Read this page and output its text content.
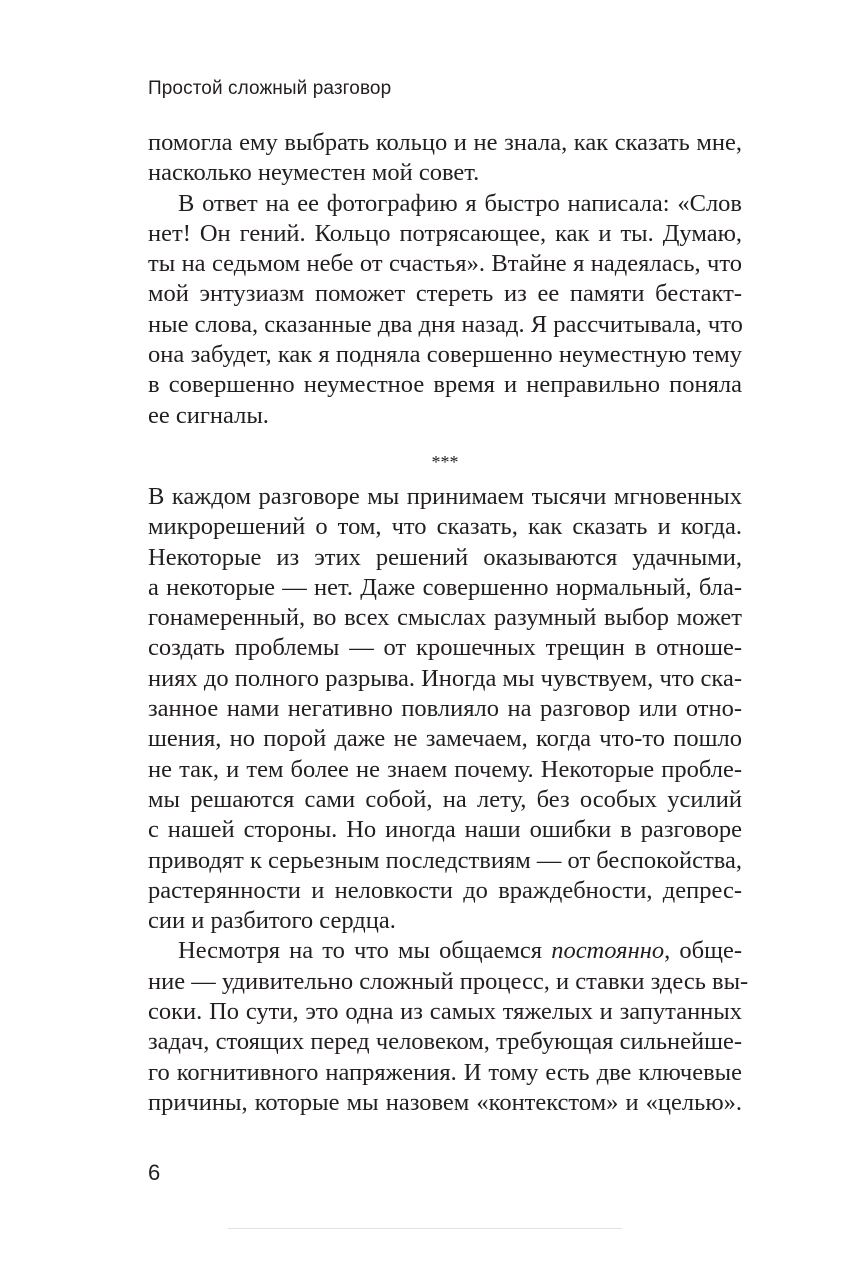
Простой сложный разговор
помогла ему выбрать кольцо и не знала, как сказать мне,
насколько неуместен мой совет.
В ответ на ее фотографию я быстро написала: «Слов
нет! Он гений. Кольцо потрясающее, как и ты. Думаю,
ты на седьмом небе от счастья». Втайне я надеялась, что
мой энтузиазм поможет стереть из ее памяти бестакт-
ные слова, сказанные два дня назад. Я рассчитывала, что
она забудет, как я подняла совершенно неуместную тему
в совершенно неуместное время и неправильно поняла
ее сигналы.
***
В каждом разговоре мы принимаем тысячи мгновенных
микрорешений о том, что сказать, как сказать и когда.
Некоторые из этих решений оказываются удачными,
а некоторые — нет. Даже совершенно нормальный, бла-
гонамеренный, во всех смыслах разумный выбор может
создать проблемы — от крошечных трещин в отноше-
ниях до полного разрыва. Иногда мы чувствуем, что ска-
занное нами негативно повлияло на разговор или отно-
шения, но порой даже не замечаем, когда что-то пошло
не так, и тем более не знаем почему. Некоторые пробле-
мы решаются сами собой, на лету, без особых усилий
с нашей стороны. Но иногда наши ошибки в разговоре
приводят к серьезным последствиям — от беспокойства,
растерянности и неловкости до враждебности, депрес-
сии и разбитого сердца.
Несмотря на то что мы общаемся постоянно, обще-
ние — удивительно сложный процесс, и ставки здесь вы-
соки. По сути, это одна из самых тяжелых и запутанных
задач, стоящих перед человеком, требующая сильнейше-
го когнитивного напряжения. И тому есть две ключевые
причины, которые мы назовем «контекстом» и «целью».
6
